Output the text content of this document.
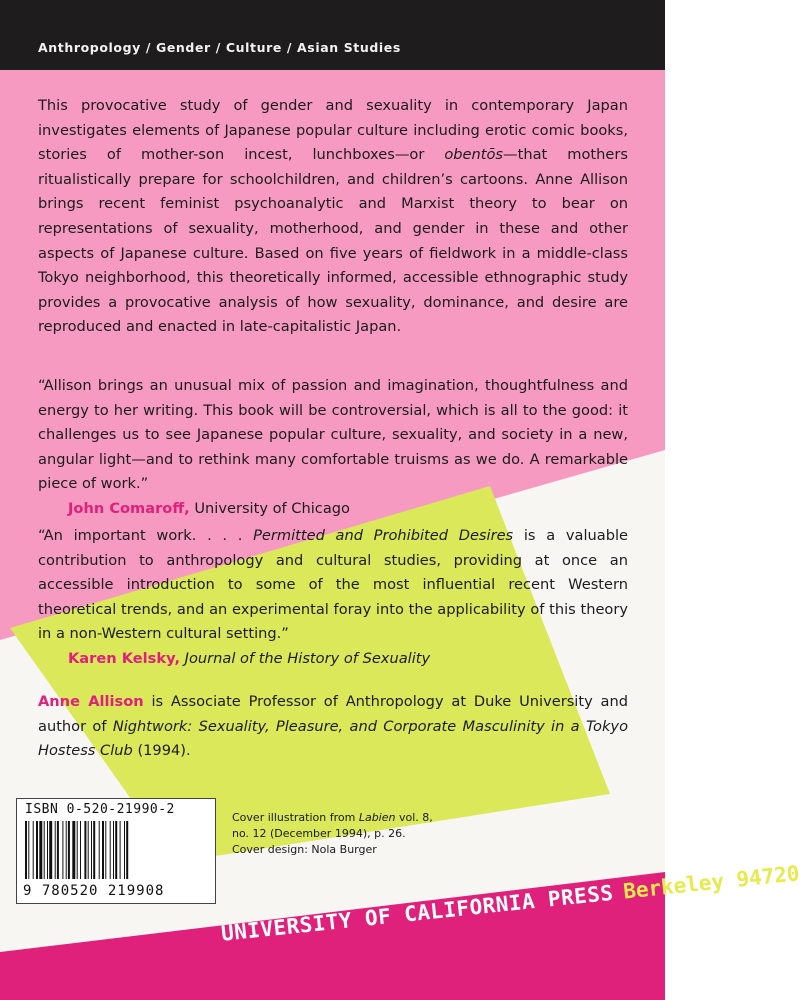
Anthropology / Gender / Culture / Asian Studies
This provocative study of gender and sexuality in contemporary Japan investigates elements of Japanese popular culture including erotic comic books, stories of mother-son incest, lunchboxes—or obentōs—that mothers ritualistically prepare for schoolchildren, and children’s cartoons. Anne Allison brings recent feminist psychoanalytic and Marxist theory to bear on representations of sexuality, motherhood, and gender in these and other aspects of Japanese culture. Based on five years of fieldwork in a middle-class Tokyo neighborhood, this theoretically informed, accessible ethnographic study provides a provocative analysis of how sexuality, dominance, and desire are reproduced and enacted in late-capitalistic Japan.
“Allison brings an unusual mix of passion and imagination, thoughtfulness and energy to her writing. This book will be controversial, which is all to the good: it challenges us to see Japanese popular culture, sexuality, and society in a new, angular light—and to rethink many comfortable truisms as we do. A remarkable piece of work.”
John Comaroff, University of Chicago
“An important work. . . . Permitted and Prohibited Desires is a valuable contribution to anthropology and cultural studies, providing at once an accessible introduction to some of the most influential recent Western theoretical trends, and an experimental foray into the applicability of this theory in a non-Western cultural setting.”
Karen Kelsky, Journal of the History of Sexuality
Anne Allison is Associate Professor of Anthropology at Duke University and author of Nightwork: Sexuality, Pleasure, and Corporate Masculinity in a Tokyo Hostess Club (1994).
ISBN 0-520-21990-2
9 780520 219908
Cover illustration from Labien vol. 8,
no. 12 (December 1994), p. 26.
Cover design: Nola Burger
UNIVERSITY OF CALIFORNIA PRESS Berkeley 94720
